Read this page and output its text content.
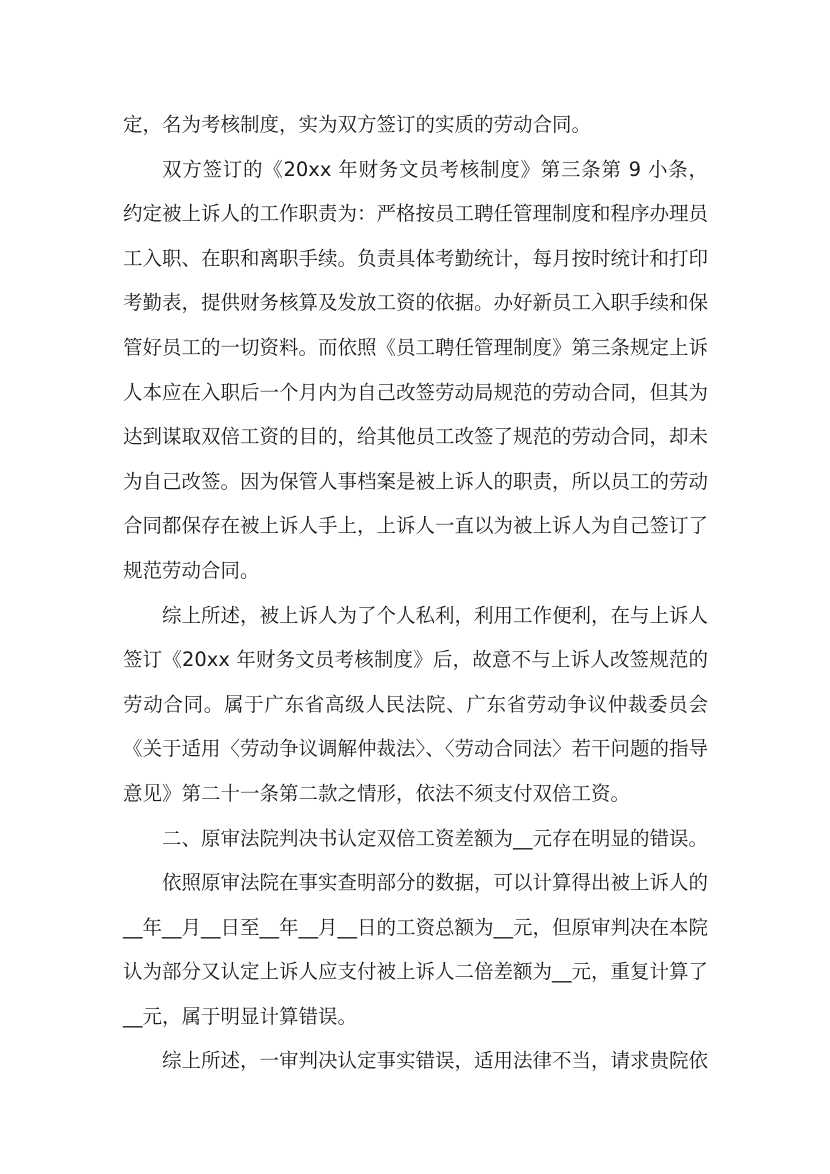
定，名为考核制度，实为双方签订的实质的劳动合同。

双方签订的《20xx 年财务文员考核制度》第三条第 9 小条，约定被上诉人的工作职责为：严格按员工聘任管理制度和程序办理员工入职、在职和离职手续。负责具体考勤统计，每月按时统计和打印考勤表，提供财务核算及发放工资的依据。办好新员工入职手续和保管好员工的一切资料。而依照《员工聘任管理制度》第三条规定上诉人本应在入职后一个月内为自己改签劳动局规范的劳动合同，但其为达到谋取双倍工资的目的，给其他员工改签了规范的劳动合同，却未为自己改签。因为保管人事档案是被上诉人的职责，所以员工的劳动合同都保存在被上诉人手上，上诉人一直以为被上诉人为自己签订了规范劳动合同。

综上所述，被上诉人为了个人私利，利用工作便利，在与上诉人签订《20xx 年财务文员考核制度》后，故意不与上诉人改签规范的劳动合同。属于广东省高级人民法院、广东省劳动争议仲裁委员会《关于适用〈劳动争议调解仲裁法〉、〈劳动合同法〉若干问题的指导意见》第二十一条第二款之情形，依法不须支付双倍工资。

二、原审法院判决书认定双倍工资差额为__元存在明显的错误。

依照原审法院在事实查明部分的数据，可以计算得出被上诉人的__年__月__日至__年__月__日的工资总额为__元，但原审判决在本院认为部分又认定上诉人应支付被上诉人二倍差额为__元，重复计算了__元，属于明显计算错误。

综上所述，一审判决认定事实错误，适用法律不当，请求贵院依
